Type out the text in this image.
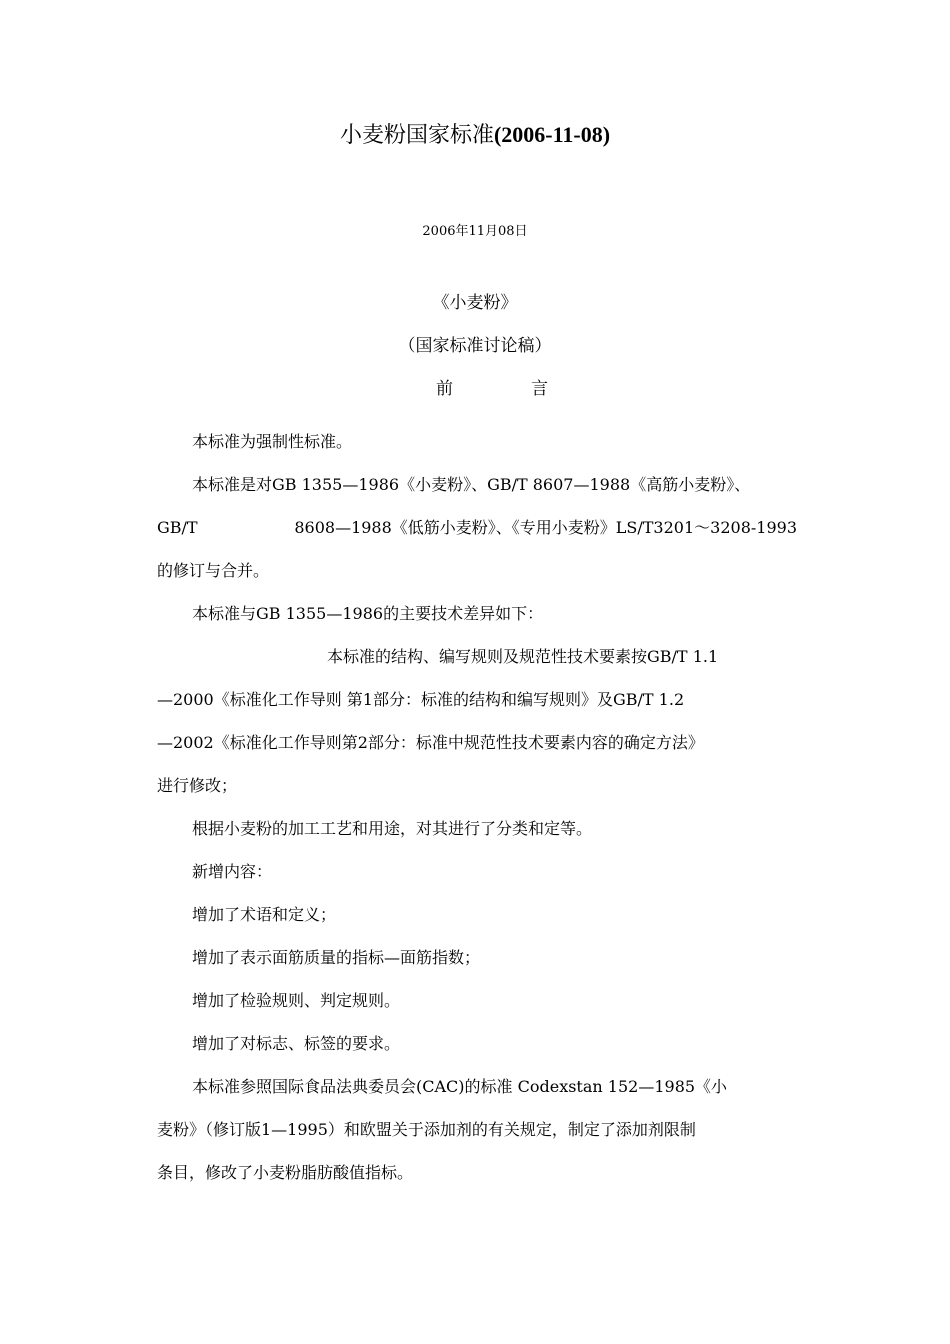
小麦粉国家标准(2006-11-08)
2006年11月08日
《小麦粉》
（国家标准讨论稿）
前	言

本标准为强制性标准。

本标准是对GB 1355—1986《小麦粉》、GB/T 8607—1988《高筋小麦粉》、

GB/T	8608—1988《低筋小麦粉》、《专用小麦粉》LS/T3201～3208-1993

的修订与合并。

本标准与GB 1355—1986的主要技术差异如下：

本标准的结构、编写规则及规范性技术要素按GB/T 1.1

—2000《标准化工作导则 第1部分：标准的结构和编写规则》及GB/T 1.2

—2002《标准化工作导则第2部分：标准中规范性技术要素内容的确定方法》

进行修改；

根据小麦粉的加工工艺和用途，对其进行了分类和定等。

新增内容：

增加了术语和定义；

增加了表示面筋质量的指标—面筋指数；

增加了检验规则、判定规则。

增加了对标志、标签的要求。

本标准参照国际食品法典委员会(CAC)的标准 Codexstan 152—1985《小

麦粉》（修订版1—1995）和欧盟关于添加剂的有关规定，制定了添加剂限制

条目，修改了小麦粉脂肪酸值指标。
